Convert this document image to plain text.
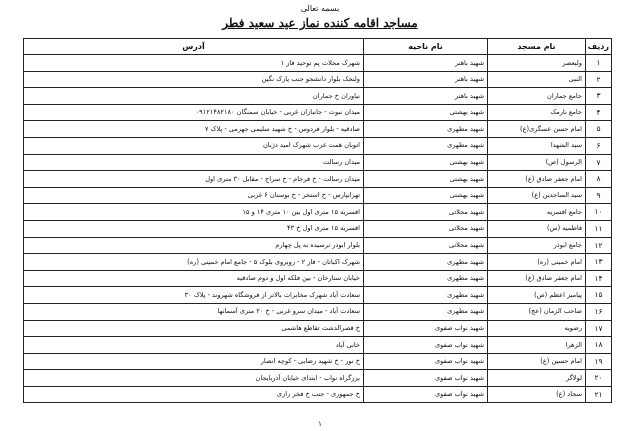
بسمه تعالی
مساجد اقامه کننده نماز عید سعید فطر
ردیف	نام مسجد	نام ناحیه	آدرس
۱	ولیعصر	شهید باهنر	شهرک محلات پم توحید فاز ۱
۲	النبی	شهید باهنر	ولنجک بلوار دانشجو جنب پارک نگین
۳	جامع جماران	شهید باهنر	نیاوران خ جماران
۴	جامع نارمک	شهید بهشتی	میدان نبوت - جانبازان غربی - خیابان سمنگان ۰۹۱۲۱۴۸۲۱۸۰
۵	امام حسن عسگری(ع)	شهید مطهری	صادقیه - بلوار فردوس - خ شهید سلیمی جهرمی - پلاک ۷
۶	سید الشهدا	شهید مطهری	اتوبان همت غرب شهرک امید دژبان
۷	الرسول (ص)	شهید بهشتی	میدان رسالت
۸	امام جعفر صادق (ع)	شهید بهشتی	میدان رسالت - خ فرجام - خ سراج - مقابل ۳۰ متری اول
۹	سید الساجدین (ع)	شهید بهشتی	تهرانپارس - خ استخر - خ بوستان ۶ غربی
۱۰	جامع افسریه	شهید محلاتی	افسریه ۱۵ متری اول بین ۱۰ متری ۱۴ و ۱۵
۱۱	فاطمیه (س)	شهید محلاتی	افسریه ۱۵ متری اول خ ۴۳
۱۲	جامع ابوذر	شهید محلاتی	بلوار ابوذر نرسیده به پل چهارم
۱۳	امام خمینی (ره)	شهید مطهری	شهرک اکباتان - فاز ۲ - روبروی بلوک ۵ - جامع امام خمینی (ره)
۱۴	امام جعفر صادق (ع)	شهید مطهری	خیابان ستارخان - بین فلکه اول و دوم صادقیه
۱۵	پیامبر اعظم (ص)	شهید مطهری	سعادت آباد شهرک مخابرات بالاتر از فروشگاه شهروند - پلاک ۳۰
۱۶	صاحب الزمان (عج)	شهید مطهری	سعادت آباد - میدان سرو غربی - خ ۲۰ متری آسمانها
۱۷	رضویه	شهید نواب صفوی	خ قصرالدشت تقاطع هاشمی
۱۸	الزهرا	شهید نواب صفوی	خانی آباد
۱۹	امام حسین (ع)	شهید نواب صفوی	خ نور - خ شهید رضایی - کوچه انصار
۲۰	لولاگر	شهید نواب صفوی	بزرگراه نواب - ابتدای خیابان آذربایجان
۲۱	سجاد (ع)	شهید نواب صفوی	خ جمهوری - جنب خ فخر رازی
۱
